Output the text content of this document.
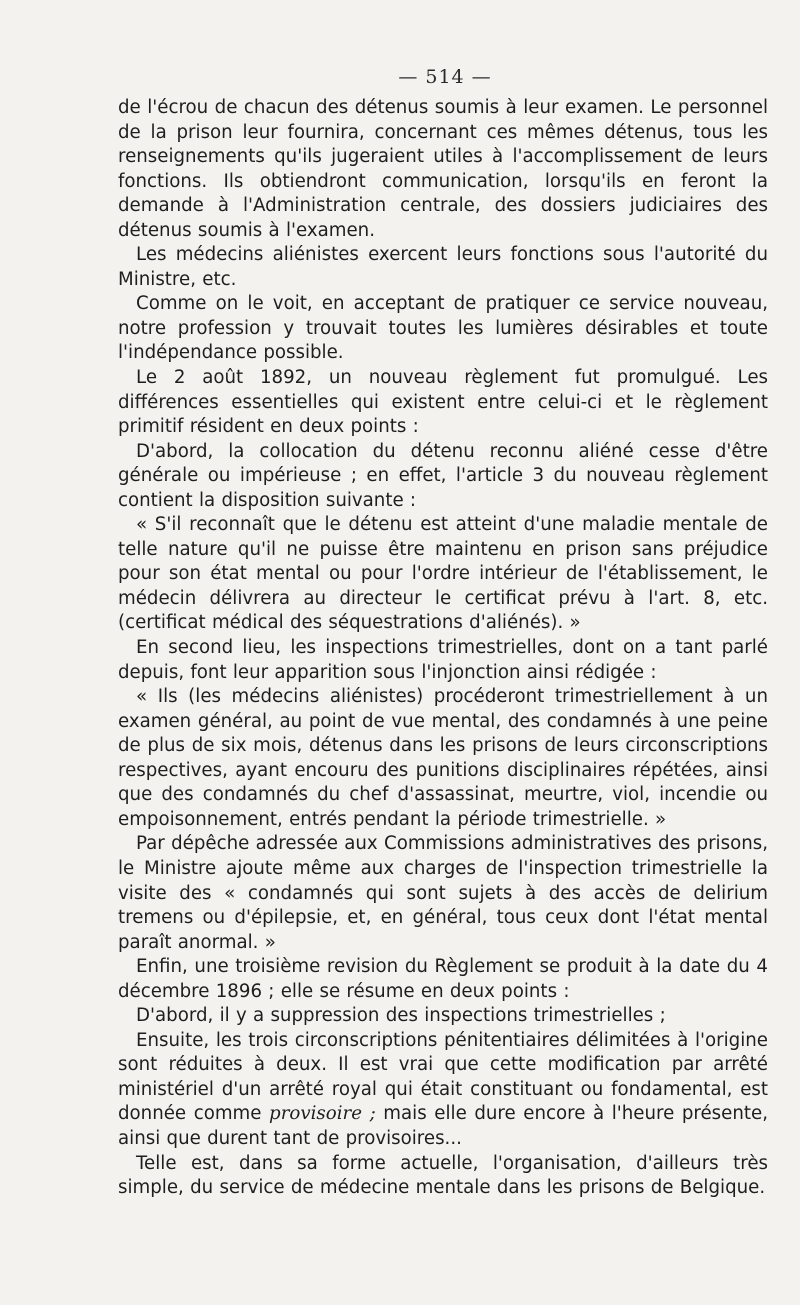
— 514 —

de l'écrou de chacun des détenus soumis à leur examen. Le personnel de la prison leur fournira, concernant ces mêmes détenus, tous les renseignements qu'ils jugeraient utiles à l'accomplissement de leurs fonctions. Ils obtiendront communication, lorsqu'ils en feront la demande à l'Administration centrale, des dossiers judiciaires des détenus soumis à l'examen.

Les médecins aliénistes exercent leurs fonctions sous l'autorité du Ministre, etc.

Comme on le voit, en acceptant de pratiquer ce service nouveau, notre profession y trouvait toutes les lumières désirables et toute l'indépendance possible.

Le 2 août 1892, un nouveau règlement fut promulgué. Les différences essentielles qui existent entre celui-ci et le règlement primitif résident en deux points :

D'abord, la collocation du détenu reconnu aliéné cesse d'être générale ou impérieuse ; en effet, l'article 3 du nouveau règlement contient la disposition suivante :

« S'il reconnaît que le détenu est atteint d'une maladie mentale de telle nature qu'il ne puisse être maintenu en prison sans préjudice pour son état mental ou pour l'ordre intérieur de l'établissement, le médecin délivrera au directeur le certificat prévu à l'art. 8, etc. (certificat médical des séquestrations d'aliénés). »

En second lieu, les inspections trimestrielles, dont on a tant parlé depuis, font leur apparition sous l'injonction ainsi rédigée :

« Ils (les médecins aliénistes) procéderont trimestriellement à un examen général, au point de vue mental, des condamnés à une peine de plus de six mois, détenus dans les prisons de leurs circonscriptions respectives, ayant encouru des punitions disciplinaires répétées, ainsi que des condamnés du chef d'assassinat, meurtre, viol, incendie ou empoisonnement, entrés pendant la période trimestrielle. »

Par dépêche adressée aux Commissions administratives des prisons, le Ministre ajoute même aux charges de l'inspection trimestrielle la visite des « condamnés qui sont sujets à des accès de delirium tremens ou d'épilepsie, et, en général, tous ceux dont l'état mental paraît anormal. »

Enfin, une troisième revision du Règlement se produit à la date du 4 décembre 1896 ; elle se résume en deux points :

D'abord, il y a suppression des inspections trimestrielles ;

Ensuite, les trois circonscriptions pénitentiaires délimitées à l'origine sont réduites à deux. Il est vrai que cette modification par arrêté ministériel d'un arrêté royal qui était constituant ou fondamental, est donnée comme provisoire ; mais elle dure encore à l'heure présente, ainsi que durent tant de provisoires...

Telle est, dans sa forme actuelle, l'organisation, d'ailleurs très simple, du service de médecine mentale dans les prisons de Belgique.
